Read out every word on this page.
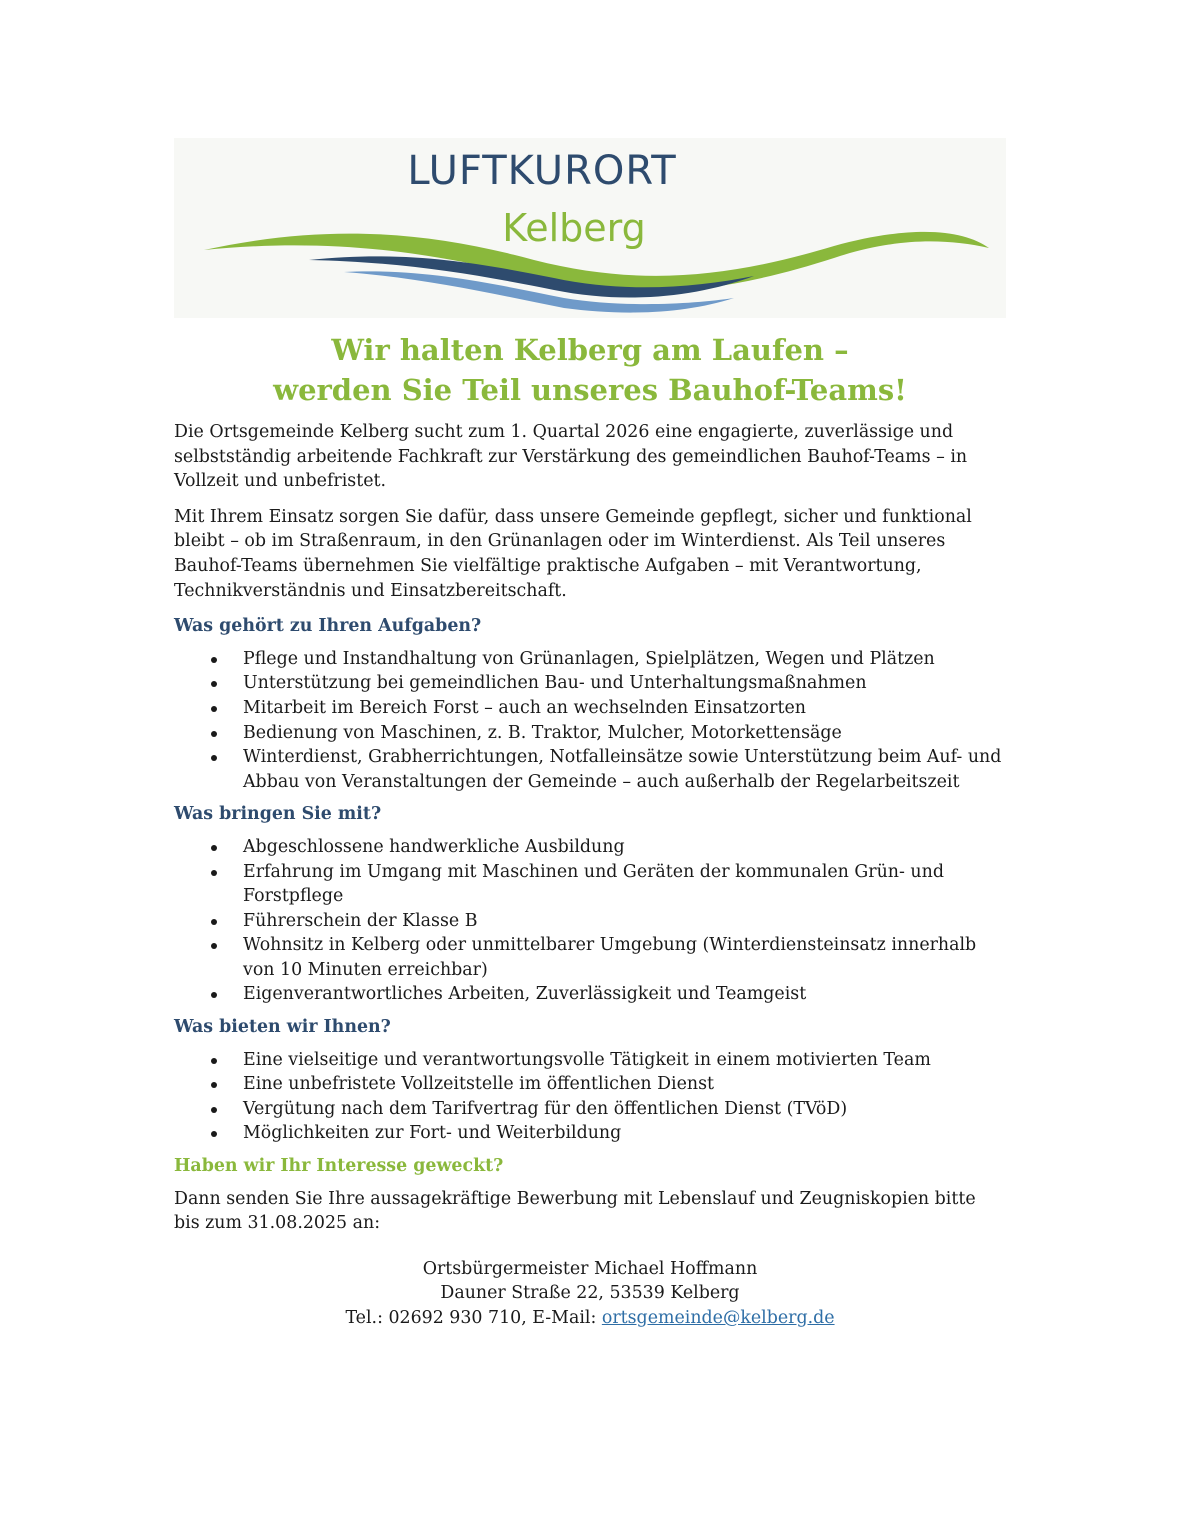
LUFTKURORT
Kelberg
Wir halten Kelberg am Laufen –
werden Sie Teil unseres Bauhof-Teams!

Die Ortsgemeinde Kelberg sucht zum 1. Quartal 2026 eine engagierte, zuverlässige und selbstständig arbeitende Fachkraft zur Verstärkung des gemeindlichen Bauhof-Teams – in Vollzeit und unbefristet.

Mit Ihrem Einsatz sorgen Sie dafür, dass unsere Gemeinde gepflegt, sicher und funktional bleibt – ob im Straßenraum, in den Grünanlagen oder im Winterdienst. Als Teil unseres Bauhof-Teams übernehmen Sie vielfältige praktische Aufgaben – mit Verantwortung, Technikverständnis und Einsatzbereitschaft.

Was gehört zu Ihren Aufgaben?
Pflege und Instandhaltung von Grünanlagen, Spielplätzen, Wegen und Plätzen
Unterstützung bei gemeindlichen Bau- und Unterhaltungsmaßnahmen
Mitarbeit im Bereich Forst – auch an wechselnden Einsatzorten
Bedienung von Maschinen, z. B. Traktor, Mulcher, Motorkettensäge
Winterdienst, Grabherrichtungen, Notfalleinsätze sowie Unterstützung beim Auf- und Abbau von Veranstaltungen der Gemeinde – auch außerhalb der Regelarbeitszeit
Was bringen Sie mit?
Abgeschlossene handwerkliche Ausbildung
Erfahrung im Umgang mit Maschinen und Geräten der kommunalen Grün- und Forstpflege
Führerschein der Klasse B
Wohnsitz in Kelberg oder unmittelbarer Umgebung (Winterdiensteinsatz innerhalb von 10 Minuten erreichbar)
Eigenverantwortliches Arbeiten, Zuverlässigkeit und Teamgeist
Was bieten wir Ihnen?
Eine vielseitige und verantwortungsvolle Tätigkeit in einem motivierten Team
Eine unbefristete Vollzeitstelle im öffentlichen Dienst
Vergütung nach dem Tarifvertrag für den öffentlichen Dienst (TVöD)
Möglichkeiten zur Fort- und Weiterbildung
Haben wir Ihr Interesse geweckt?

Dann senden Sie Ihre aussagekräftige Bewerbung mit Lebenslauf und Zeugniskopien bitte bis zum 31.08.2025 an:

Ortsbürgermeister Michael Hoffmann
Dauner Straße 22, 53539 Kelberg
Tel.: 02692 930 710, E-Mail: ortsgemeinde@kelberg.de
